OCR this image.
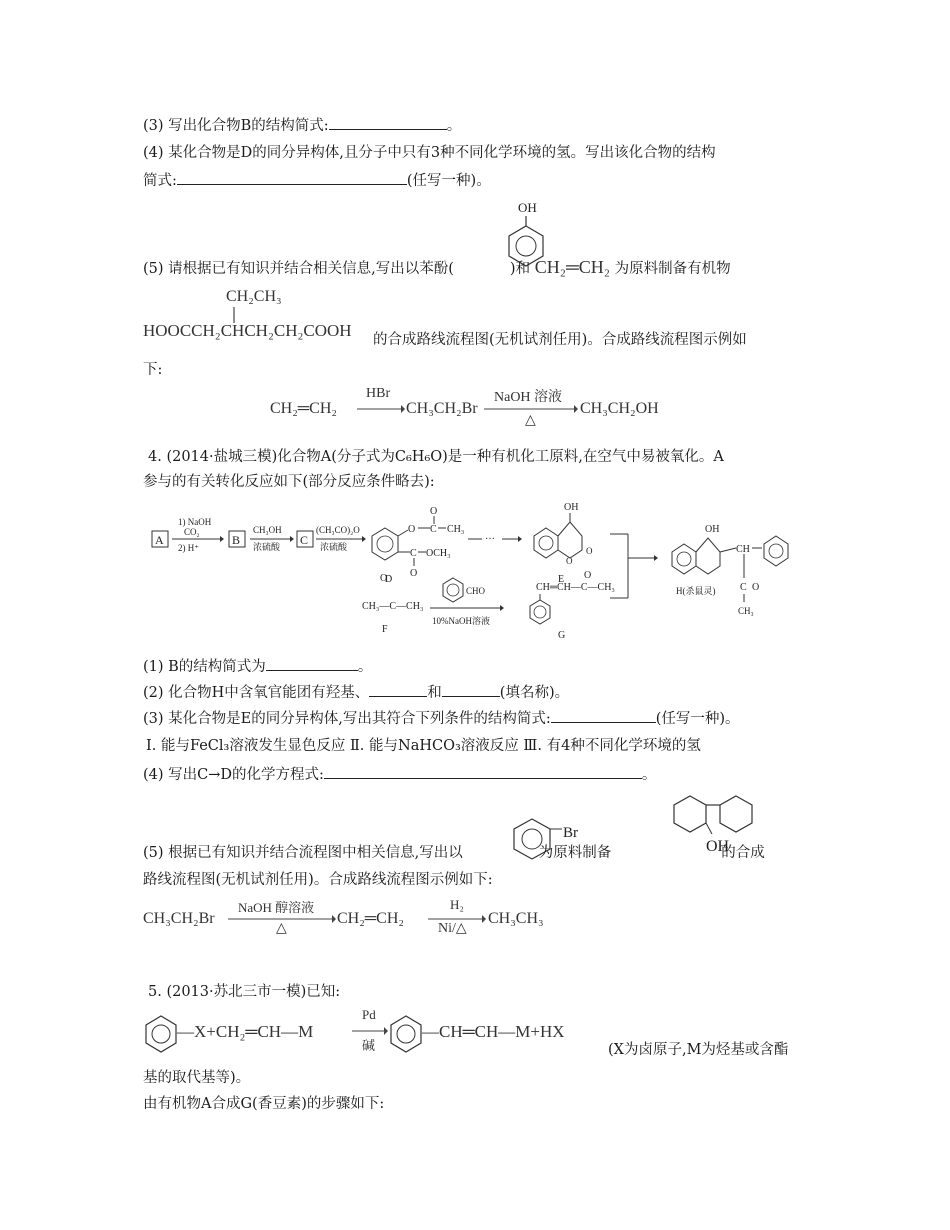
(3) 写出化合物B的结构简式:	。
(4) 某化合物是D的同分异构体,且分子中只有3种不同化学环境的氢。写出该化合物的结构
简式:	(任写一种)。
OH
(5) 请根据已有知识并结合相关信息,写出以苯酚(	)和 CH₂═CH₂ 为原料制备有机物
CH₂CH₃
HOOCCH₂CHCH₂CH₂COOH 的合成路线流程图(无机试剂任用)。合成路线流程图示例如
下:
CH₂═CH₂
HBr
CH₃CH₂Br
NaOH 溶液
△
CH₃CH₂OH
4. (2014·盐城三模)化合物A(分子式为C₆H₆O)是一种有机化工原料,在空气中易被氧化。A
参与的有关转化反应如下(部分反应条件略去):
A
1) NaOH
CO₂
2) H⁺
B
CH₃OH
浓硫酸 C
(CH₃CO)₂O
浓硫酸
O C
O
CH₃
C
O
OCH₃
D
···
OH
O
O
E
OH
CH
C O
CH₃
H(杀鼠灵)
O
CH₃—C—CH₃
F
CHO
10%NaOH溶液
CH═CH—C—CH₃
O
G
(1) B的结构简式为	。
(2) 化合物H中含氧官能团有羟基、	和	(填名称)。
(3) 某化合物是E的同分异构体,写出其符合下列条件的结构简式:	(任写一种)。
Ⅰ. 能与FeCl₃溶液发生显色反应 Ⅱ. 能与NaHCO₃溶液反应 Ⅲ. 有4种不同化学环境的氢
(4) 写出C→D的化学方程式:	。
Br
OH
(5) 根据已有知识并结合流程图中相关信息,写出以	为原料制备	的合成
路线流程图(无机试剂任用)。合成路线流程图示例如下:
CH₃CH₂Br
NaOH 醇溶液
△
CH₂═CH₂
H₂
Ni/△
CH₃CH₃
5. (2013·苏北三市一模)已知:
—X+CH₂═CH—M
Pd
碱
—CH═CH—M+HX
(X为卤原子,M为烃基或含酯
基的取代基等)。
由有机物A合成G(香豆素)的步骤如下:
